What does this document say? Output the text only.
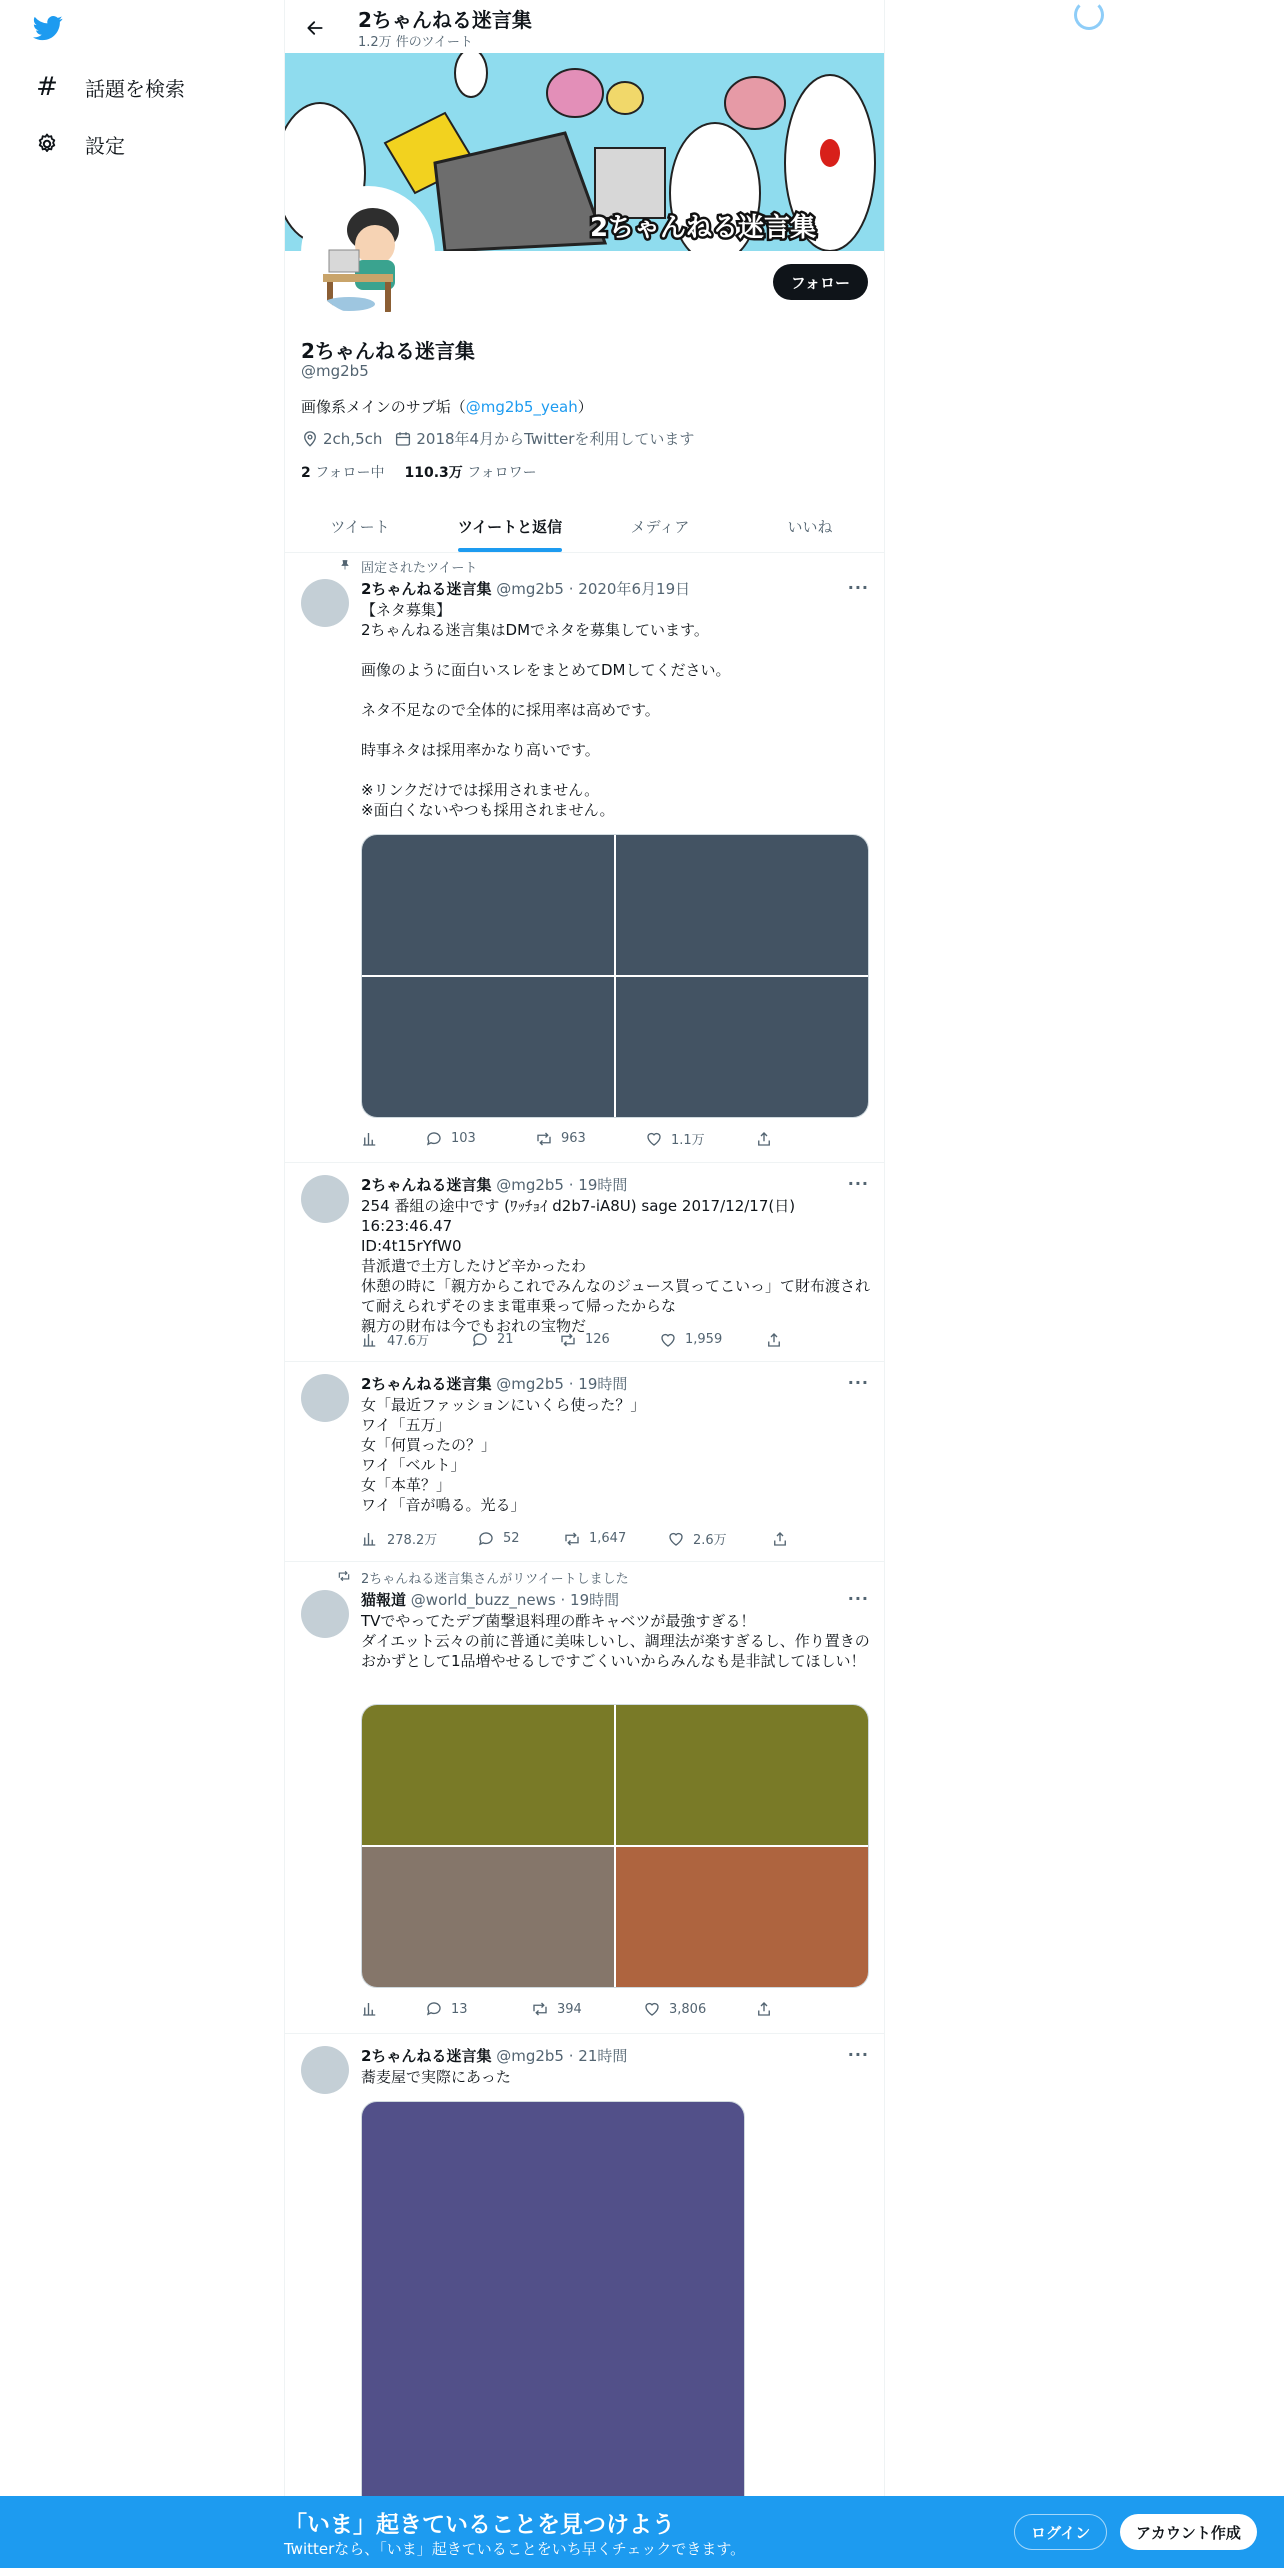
# 話題を検索
設定
2ちゃんねる迷言集
1.2万 件のツイート
2ちゃんねる迷言集
フォロー
2ちゃんねる迷言集
@mg2b5
画像系メインのサブ垢（@mg2b5_yeah）
2ch,5ch 2018年4月からTwitterを利用しています
2 フォロー中 110.3万 フォロワー
ツイート	ツイートと返信	メディア	いいね
固定されたツイート
2ちゃんねる迷言集 @mg2b5 · 2020年6月19日	···
【ネタ募集】
2ちゃんねる迷言集はDMでネタを募集しています。

画像のように面白いスレをまとめてDMしてください。

ネタ不足なので全体的に採用率は高めです。

時事ネタは採用率かなり高いです。

※リンクだけでは採用されません。
※面白くないやつも採用されません。
103	963	1.1万
2ちゃんねる迷言集 @mg2b5 · 19時間	···
254 番組の途中です (ﾜｯﾁｮｲ d2b7-iA8U) sage 2017/12/17(日) 16:23:46.47
ID:4t15rYfW0
昔派遣で土方したけど辛かったわ
休憩の時に「親方からこれでみんなのジュース買ってこいっ」て財布渡されて耐えられずそのまま電車乗って帰ったからな
親方の財布は今でもおれの宝物だ
47.6万	21	126	1,959
2ちゃんねる迷言集 @mg2b5 · 19時間	···
女「最近ファッションにいくら使った？」
ワイ「五万」
女「何買ったの？」
ワイ「ベルト」
女「本革？」
ワイ「音が鳴る。光る」
278.2万	52	1,647	2.6万
2ちゃんねる迷言集さんがリツイートしました
猫報道 @world_buzz_news · 19時間	···
TVでやってたデブ菌撃退料理の酢キャベツが最強すぎる！
ダイエット云々の前に普通に美味しいし、調理法が楽すぎるし、作り置きのおかずとして1品増やせるしですごくいいからみんなも是非試してほしい！
13	394	3,806
2ちゃんねる迷言集 @mg2b5 · 21時間	···
蕎麦屋で実際にあった
「いま」起きていることを見つけよう
Twitterなら、「いま」起きていることをいち早くチェックできます。
ログイン	アカウント作成
